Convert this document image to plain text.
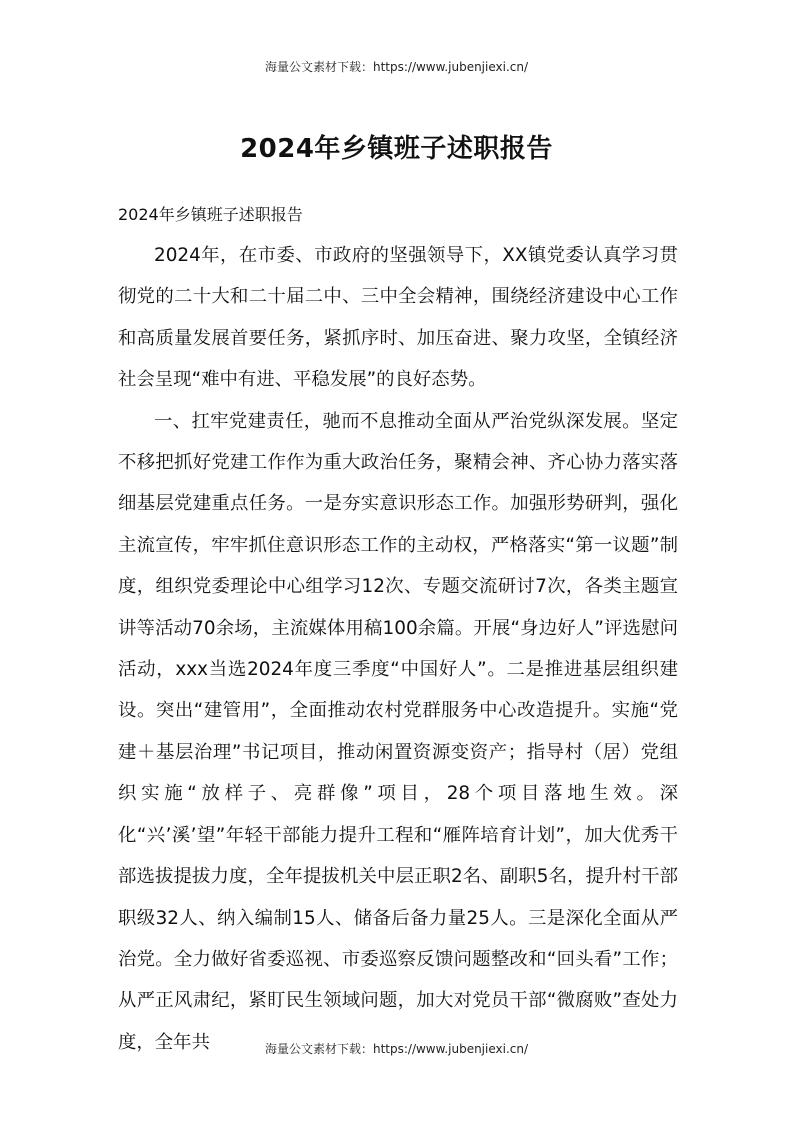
海量公文素材下载：https://www.jubenjiexi.cn/
2024年乡镇班子述职报告

2024年乡镇班子述职报告

2024年，在市委、市政府的坚强领导下，XX镇党委认真学习贯彻党的二十大和二十届二中、三中全会精神，围绕经济建设中心工作和高质量发展首要任务，紧抓序时、加压奋进、聚力攻坚，全镇经济社会呈现“难中有进、平稳发展”的良好态势。

一、扛牢党建责任，驰而不息推动全面从严治党纵深发展。坚定不移把抓好党建工作作为重大政治任务，聚精会神、齐心协力落实落细基层党建重点任务。一是夯实意识形态工作。加强形势研判，强化主流宣传，牢牢抓住意识形态工作的主动权，严格落实“第一议题”制度，组织党委理论中心组学习12次、专题交流研讨7次，各类主题宣讲等活动70余场，主流媒体用稿100余篇。开展“身边好人”评选慰问活动，xxx当选2024年度三季度“中国好人”。二是推进基层组织建设。突出“建管用”，全面推动农村党群服务中心改造提升。实施“党建＋基层治理”书记项目，推动闲置资源变资产；指导村（居）党组织实施“放样子、亮群像”项目，28个项目落地生效。深化“兴’溪’望”年轻干部能力提升工程和“雁阵培育计划”，加大优秀干部选拔提拔力度，全年提拔机关中层正职2名、副职5名，提升村干部职级32人、纳入编制15人、储备后备力量25人。三是深化全面从严治党。全力做好省委巡视、市委巡察反馈问题整改和“回头看”工作；从严正风肃纪，紧盯民生领域问题，加大对党员干部“微腐败”查处力度，全年共	海量公文素材下载：https://www.jubenjiexi.cn/
